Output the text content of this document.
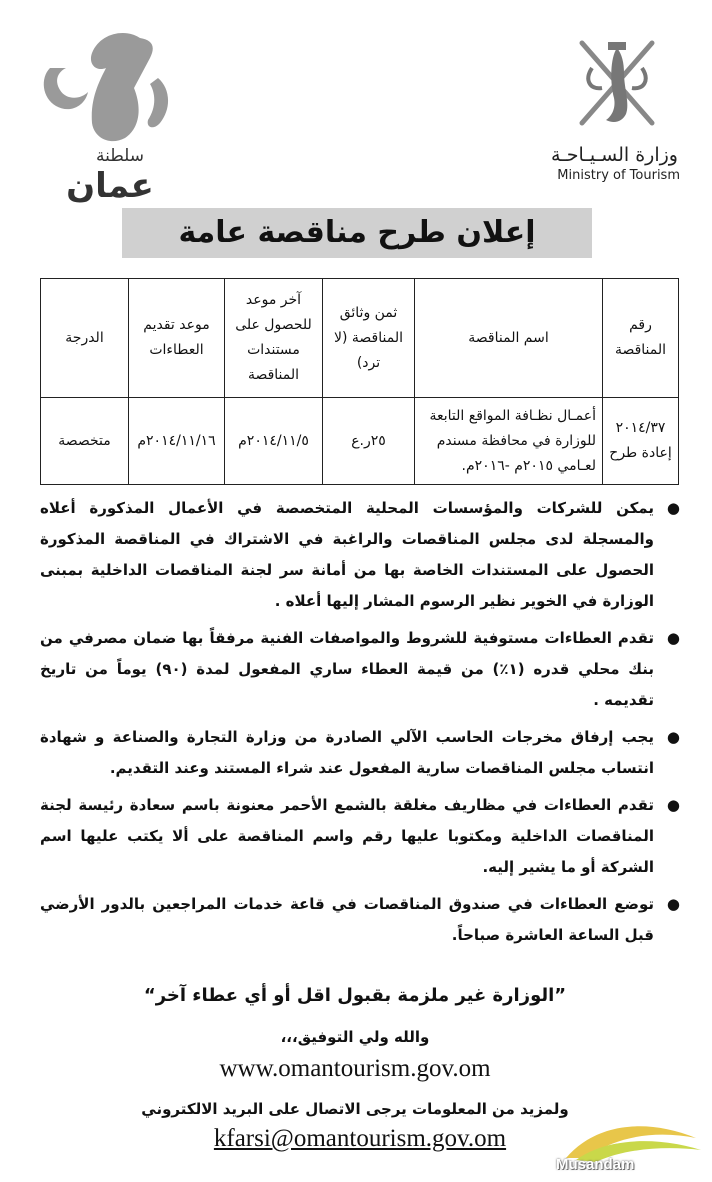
سلطنة
عمان
وزارة السـيـاحـة
Ministry of Tourism
إعلان طرح مناقصة عامة
رقم المناقصة	اسم المناقصة	ثمن وثائق المناقصة (لا ترد)	آخر موعد للحصول على مستندات المناقصة	موعد تقديم العطاءات	الدرجة
٢٠١٤/٣٧ إعادة طرح	أعمـال نظـافة المواقع التابعة للوزارة في محافظة مسندم لعـامي ٢٠١٥م -٢٠١٦م.	٢٥ر.ع	٢٠١٤/١١/٥م	٢٠١٤/١١/١٦م	متخصصة
●
يمكن للشركات والمؤسسات المحلية المتخصصة في الأعمال المذكورة أعلاه والمسجلة لدى مجلس المناقصات والراغبة في الاشتراك في المناقصة المذكورة الحصول على المستندات الخاصة بها من أمانة سر لجنة المناقصات الداخلية بمبنى الوزارة في الخوير نظير الرسوم المشار إليها أعلاه .
●
تقدم العطاءات مستوفية للشروط والمواصفات الفنية مرفقاً بها ضمان مصرفي من بنك محلي قدره (١٪) من قيمة العطاء ساري المفعول لمدة (٩٠) يوماً من تاريخ تقديمه .
●
يجب إرفاق مخرجات الحاسب الآلي الصادرة من وزارة التجارة والصناعة و شهادة انتساب مجلس المناقصات سارية المفعول عند شراء المستند وعند التقديم.
●
تقدم العطاءات في مظاريف مغلقة بالشمع الأحمر معنونة باسم سعادة رئيسة لجنة المناقصات الداخلية ومكتوبا عليها رقم واسم المناقصة على ألا يكتب عليها اسم الشركة أو ما يشير إليه.
●
توضع العطاءات في صندوق المناقصات في قاعة خدمات المراجعين بالدور الأرضي قبل الساعة العاشرة صباحاً.
”الوزارة غير ملزمة بقبول اقل أو أي عطاء آخر“
والله ولي التوفيق،،،
www.omantourism.gov.om
ولمزيد من المعلومات يرجى الاتصال على البريد الالكتروني
kfarsi@omantourism.gov.om
Musandam
